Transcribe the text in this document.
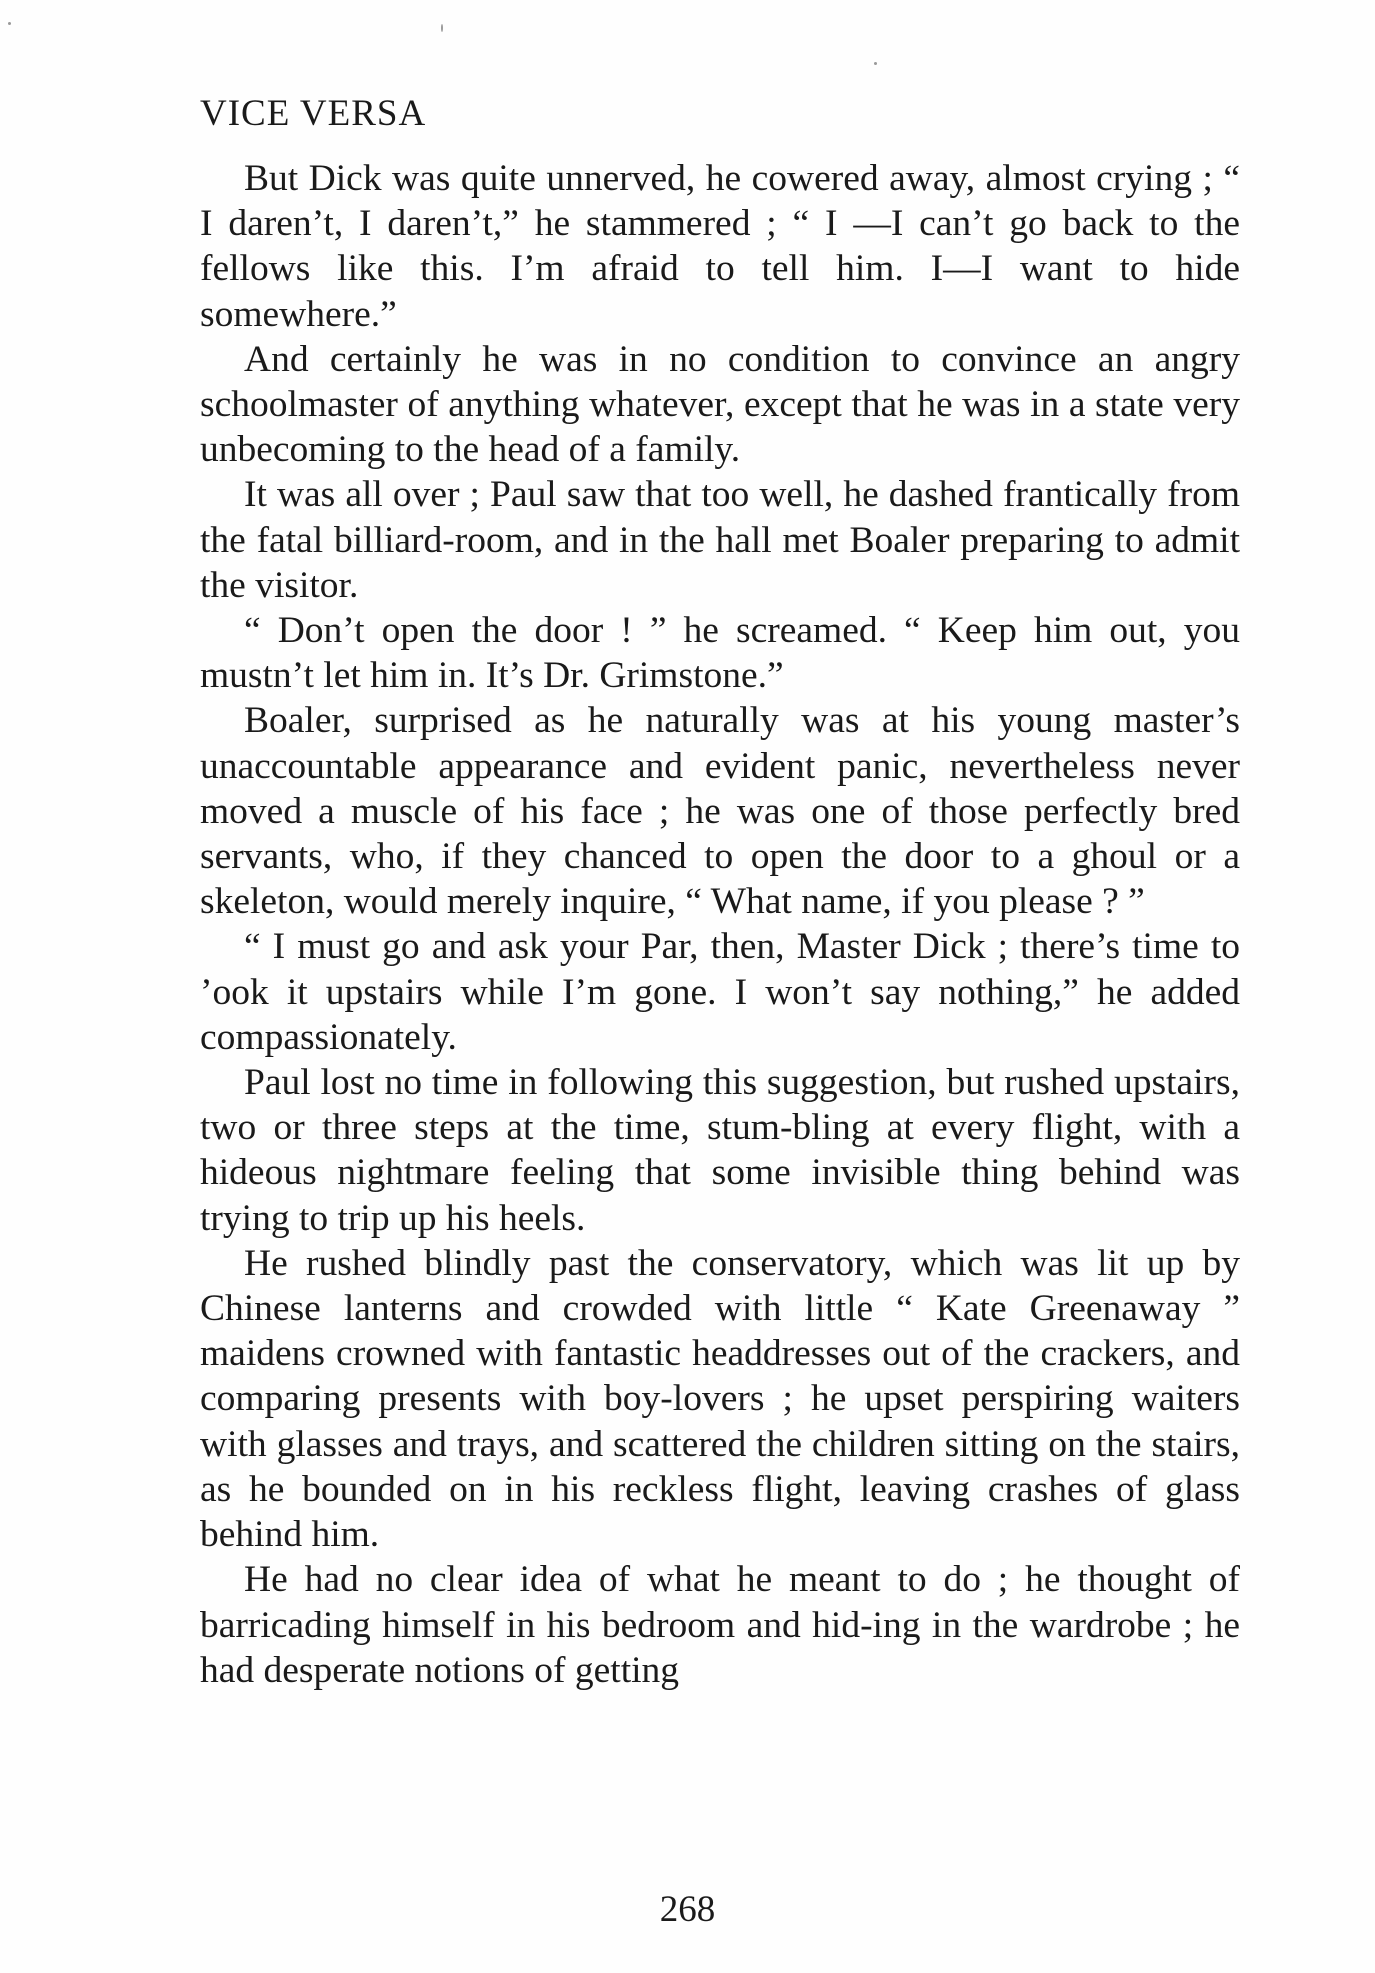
VICE VERSA

But Dick was quite unnerved, he cowered away, almost crying ; “ I daren’t, I daren’t,” he stammered ; “ I —I can’t go back to the fellows like this. I’m afraid to tell him. I—I want to hide somewhere.”

And certainly he was in no condition to convince an angry schoolmaster of anything whatever, except that he was in a state very unbecoming to the head of a family.

It was all over ; Paul saw that too well, he dashed frantically from the fatal billiard-room, and in the hall met Boaler preparing to admit the visitor.

“ Don’t open the door ! ” he screamed. “ Keep him out, you mustn’t let him in. It’s Dr. Grimstone.”

Boaler, surprised as he naturally was at his young master’s unaccountable appearance and evident panic, nevertheless never moved a muscle of his face ; he was one of those perfectly bred servants, who, if they chanced to open the door to a ghoul or a skeleton, would merely inquire, “ What name, if you please ? ”

“ I must go and ask your Par, then, Master Dick ; there’s time to ’ook it upstairs while I’m gone. I won’t say nothing,” he added compassionately.

Paul lost no time in following this suggestion, but rushed upstairs, two or three steps at the time, stum-bling at every flight, with a hideous nightmare feeling that some invisible thing behind was trying to trip up his heels.

He rushed blindly past the conservatory, which was lit up by Chinese lanterns and crowded with little “ Kate Greenaway ” maidens crowned with fantastic headdresses out of the crackers, and comparing presents with boy-lovers ; he upset perspiring waiters with glasses and trays, and scattered the children sitting on the stairs, as he bounded on in his reckless flight, leaving crashes of glass behind him.

He had no clear idea of what he meant to do ; he thought of barricading himself in his bedroom and hid-ing in the wardrobe ; he had desperate notions of getting

268
